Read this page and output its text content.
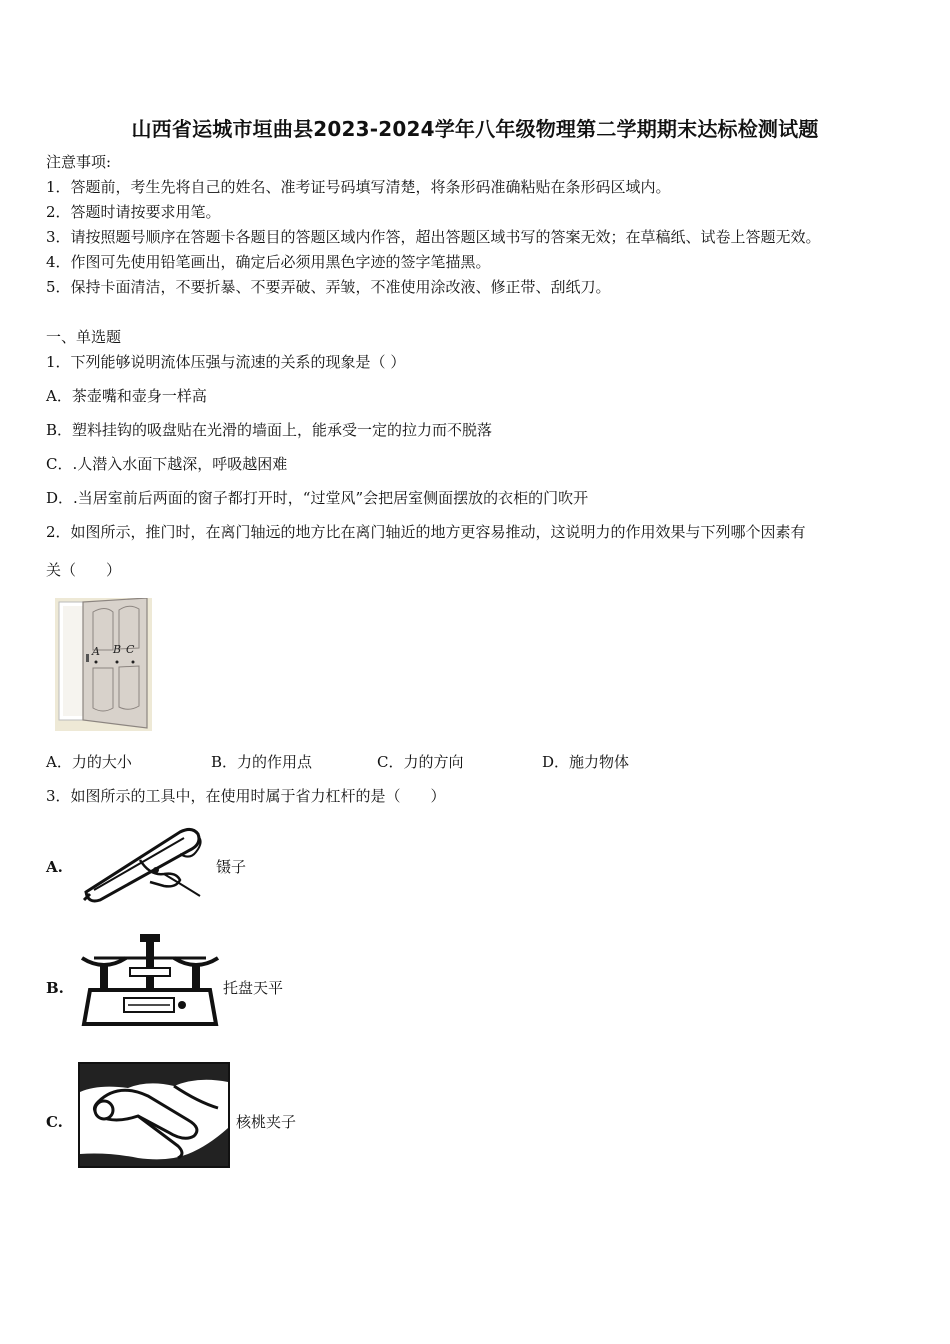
山西省运城市垣曲县2023-2024学年八年级物理第二学期期末达标检测试题
注意事项:
1．答题前，考生先将自己的姓名、准考证号码填写清楚，将条形码准确粘贴在条形码区域内。
2．答题时请按要求用笔。
3．请按照题号顺序在答题卡各题目的答题区域内作答，超出答题区域书写的答案无效；在草稿纸、试卷上答题无效。
4．作图可先使用铅笔画出，确定后必须用黑色字迹的签字笔描黑。
5．保持卡面清洁，不要折暴、不要弄破、弄皱，不准使用涂改液、修正带、刮纸刀。
一、单选题
1．下列能够说明流体压强与流速的关系的现象是（ ）
A．茶壶嘴和壶身一样高
B．塑料挂钩的吸盘贴在光滑的墙面上，能承受一定的拉力而不脱落
C．.人潜入水面下越深，呼吸越困难
D．.当居室前后两面的窗子都打开时，“过堂风”会把居室侧面摆放的衣柜的门吹开
2．如图所示，推门时，在离门轴远的地方比在离门轴近的地方更容易推动，这说明力的作用效果与下列哪个因素有
关（　　）
A B C
A．力的大小	B．力的作用点	C．力的方向	D．施力物体
3．如图所示的工具中，在使用时属于省力杠杆的是（　　）
A.	镊子
B.	托盘天平
C.	核桃夹子
